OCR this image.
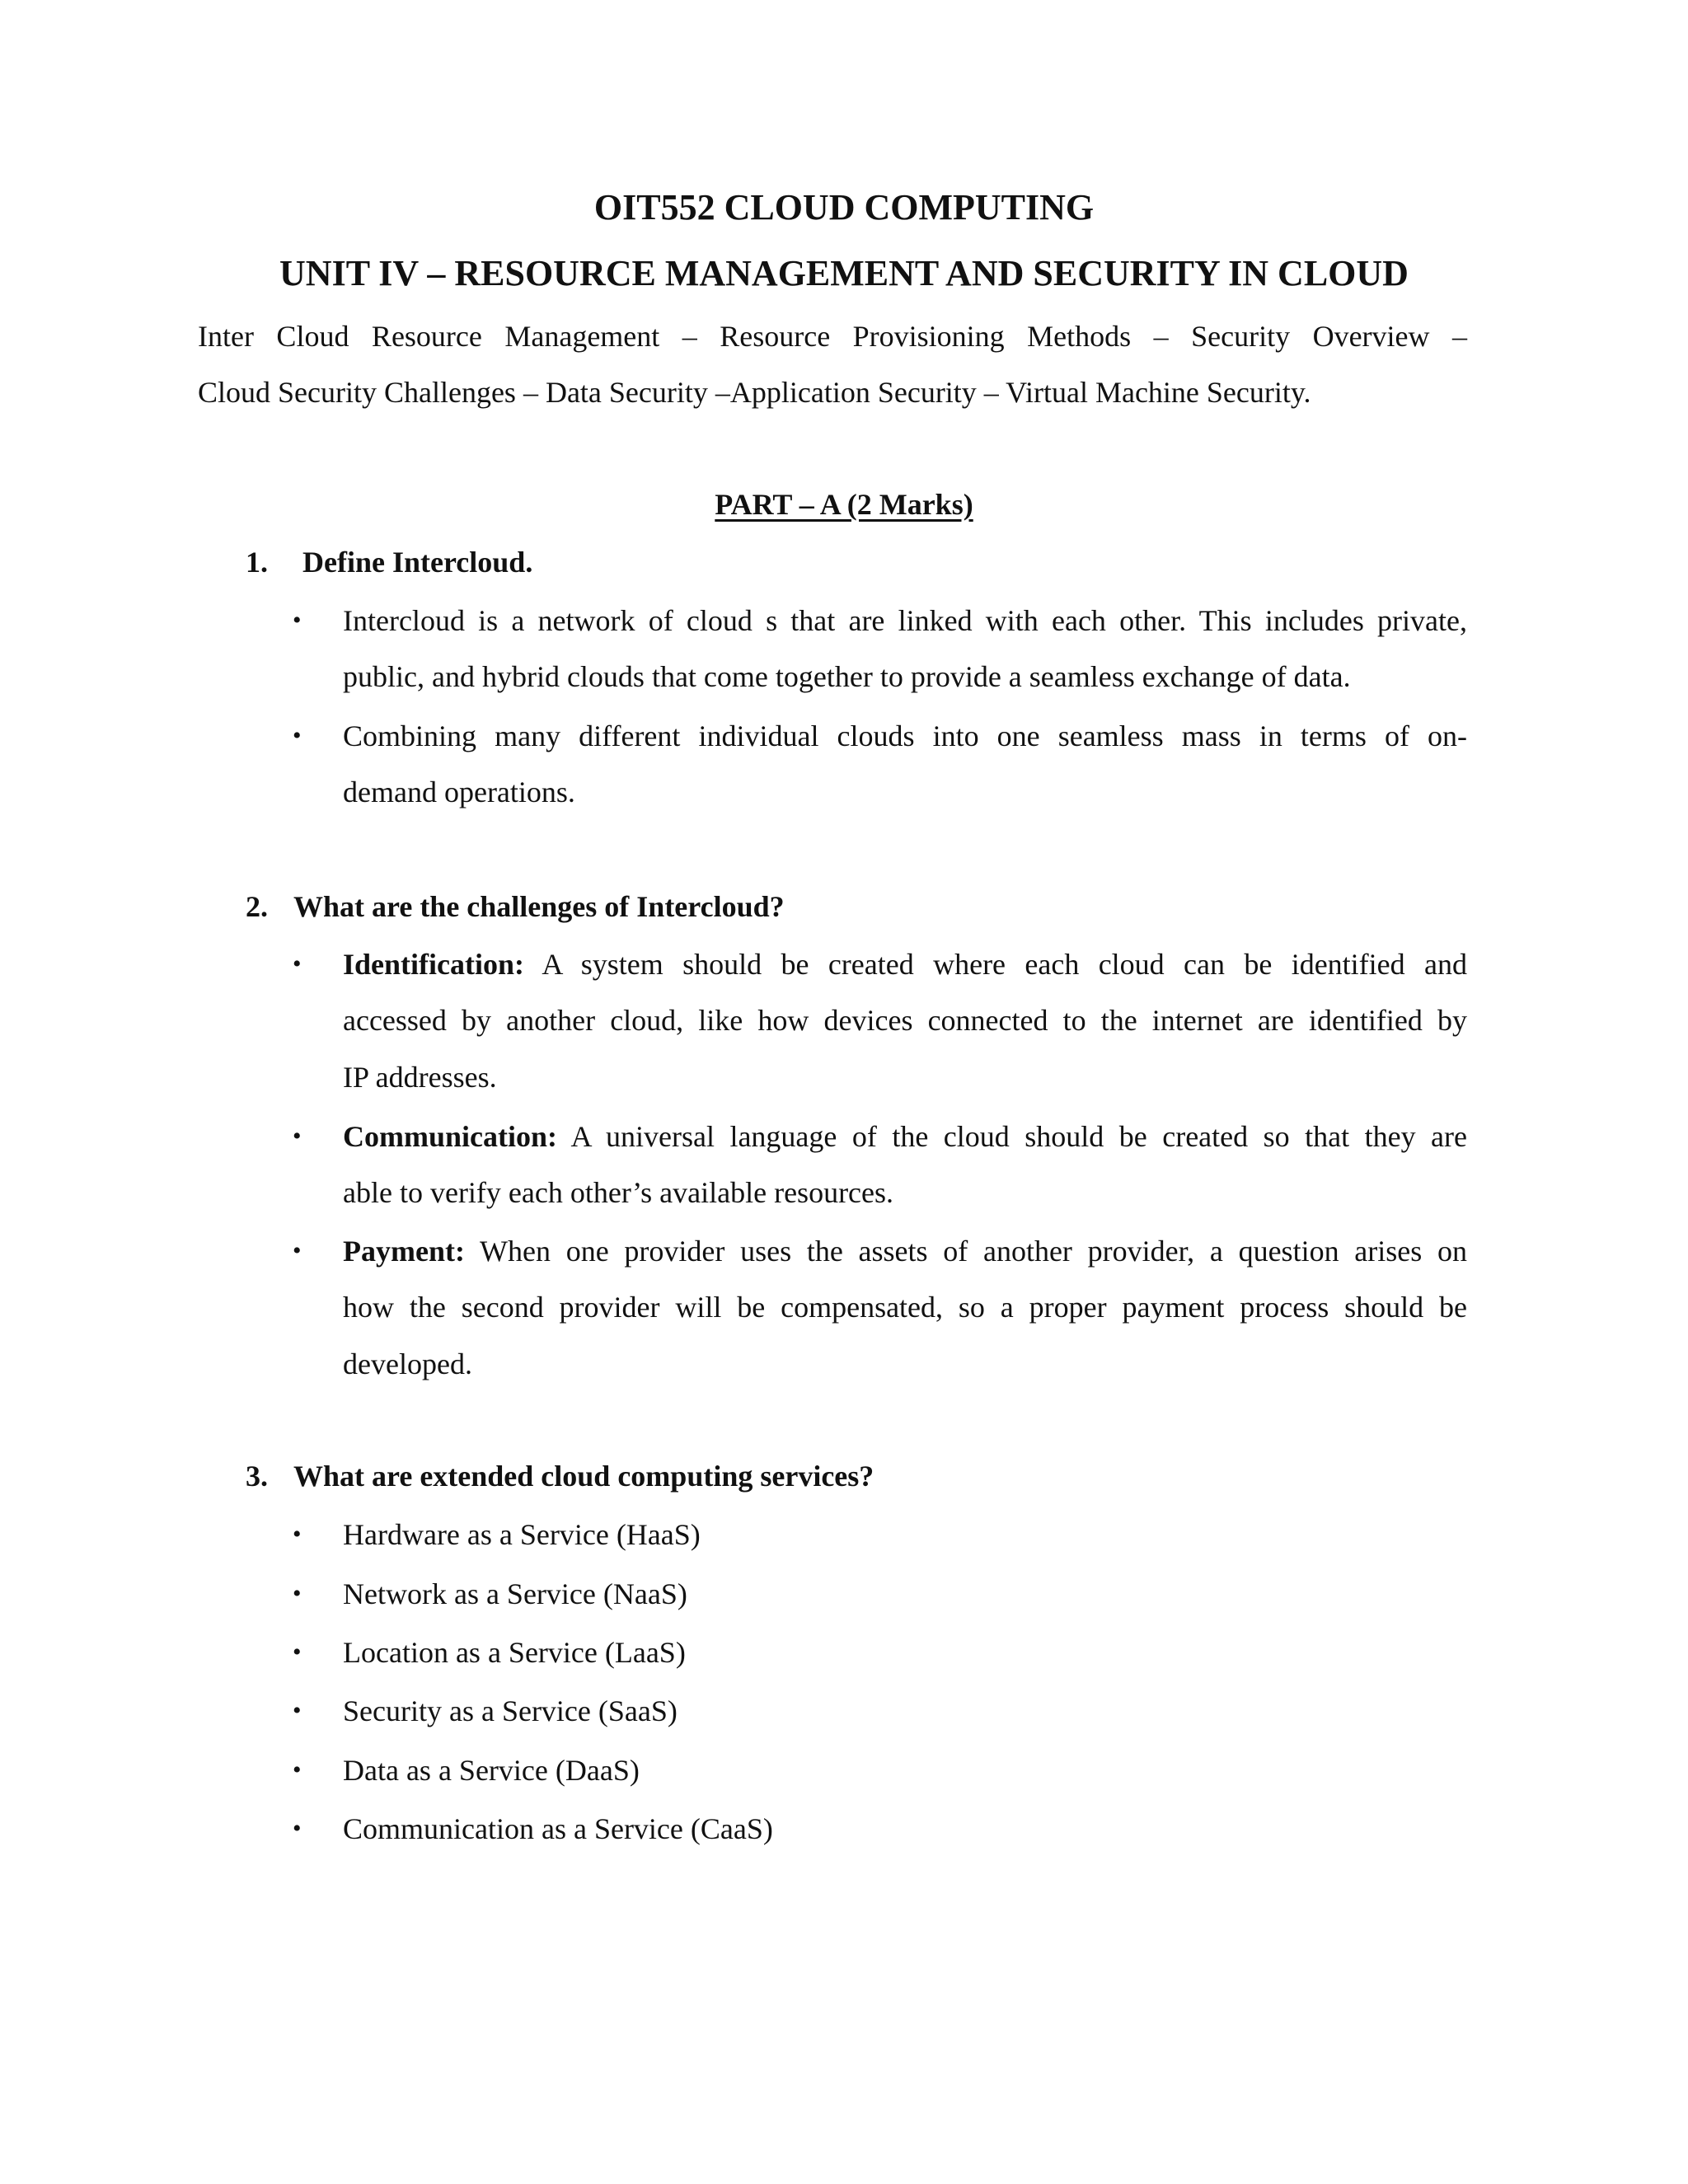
OIT552 CLOUD COMPUTING
UNIT IV – RESOURCE MANAGEMENT AND SECURITY IN CLOUD
Inter Cloud Resource Management – Resource Provisioning Methods – Security Overview –
Cloud Security Challenges – Data Security –Application Security – Virtual Machine Security.
PART – A (2 Marks)
1. Define Intercloud.
• Intercloud is a network of cloud s that are linked with each other. This includes private,
public, and hybrid clouds that come together to provide a seamless exchange of data.
• Combining many different individual clouds into one seamless mass in terms of on-
demand operations.
2. What are the challenges of Intercloud?
• Identification: A system should be created where each cloud can be identified and
accessed by another cloud, like how devices connected to the internet are identified by
IP addresses.
• Communication: A universal language of the cloud should be created so that they are
able to verify each other’s available resources.
• Payment: When one provider uses the assets of another provider, a question arises on
how the second provider will be compensated, so a proper payment process should be
developed.
3. What are extended cloud computing services?
• Hardware as a Service (HaaS)
• Network as a Service (NaaS)
• Location as a Service (LaaS)
• Security as a Service (SaaS)
• Data as a Service (DaaS)
• Communication as a Service (CaaS)
